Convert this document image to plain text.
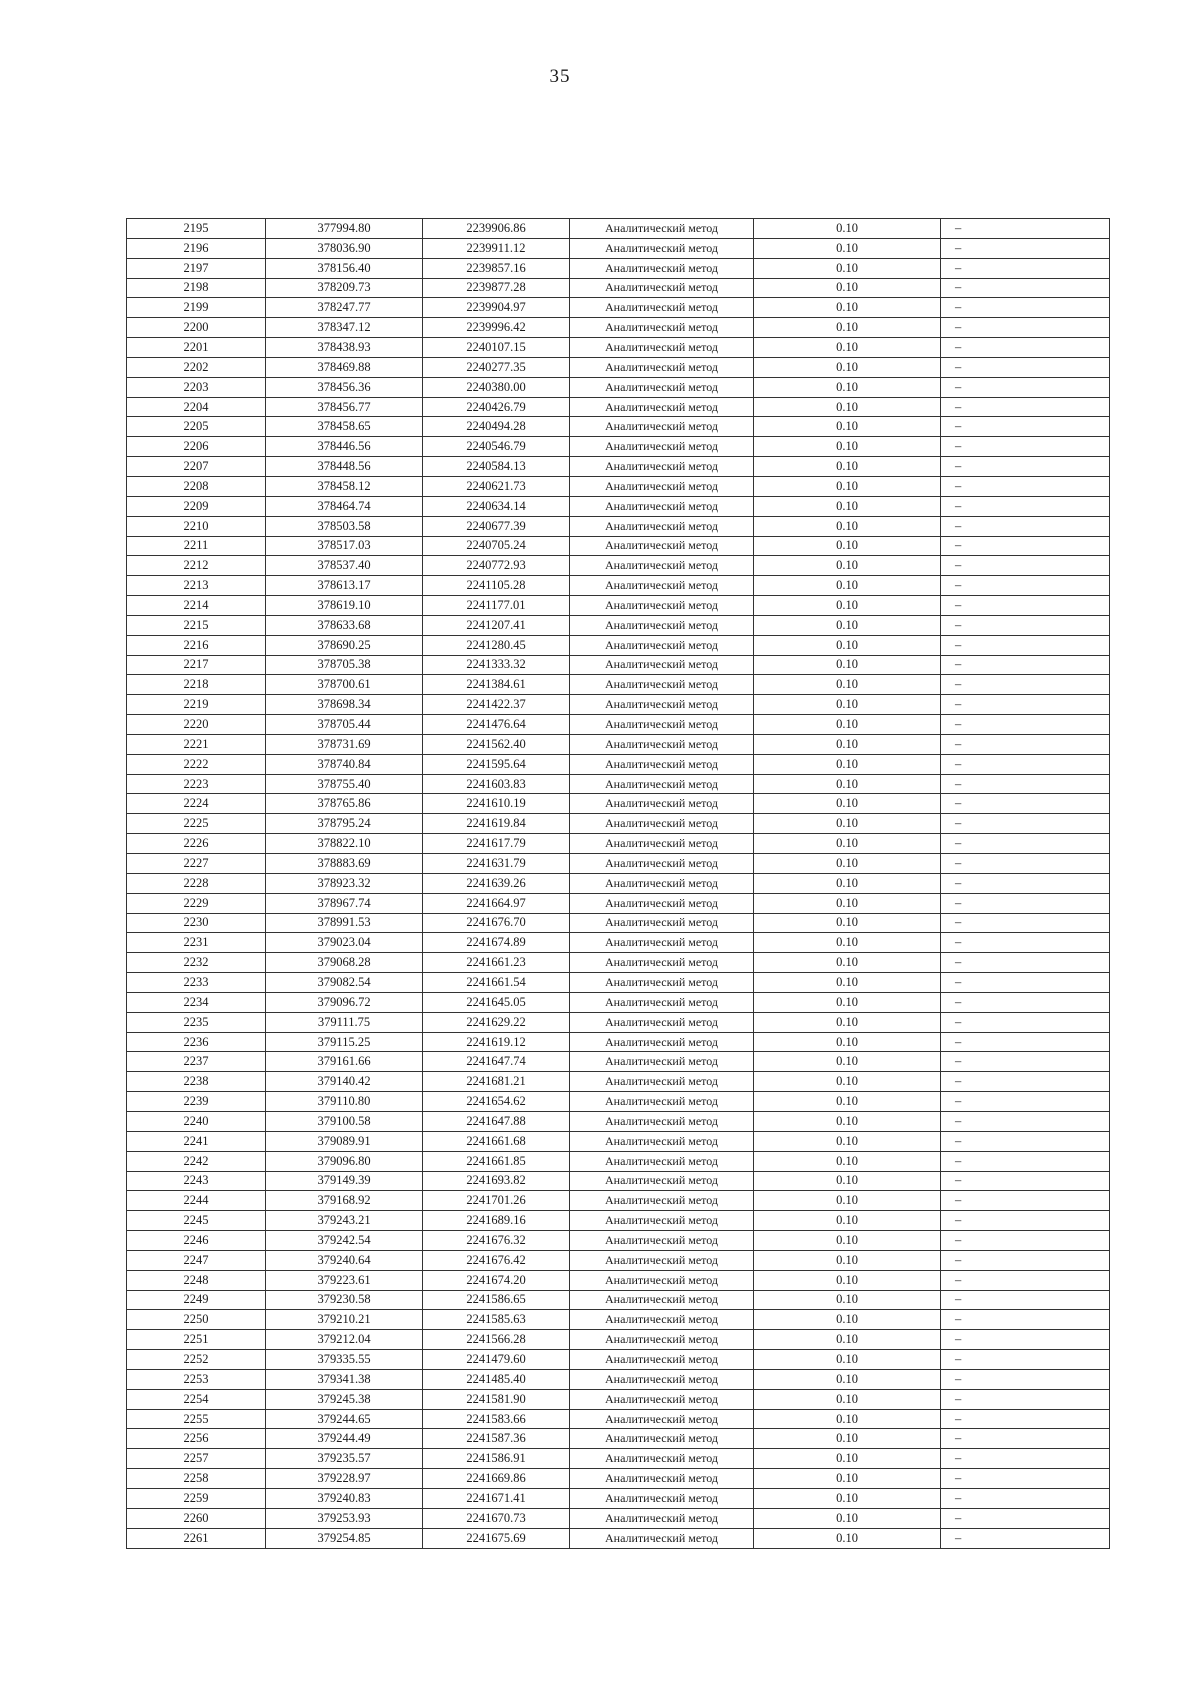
35
2195	377994.80	2239906.86	Аналитический метод	0.10	–
2196	378036.90	2239911.12	Аналитический метод	0.10	–
2197	378156.40	2239857.16	Аналитический метод	0.10	–
2198	378209.73	2239877.28	Аналитический метод	0.10	–
2199	378247.77	2239904.97	Аналитический метод	0.10	–
2200	378347.12	2239996.42	Аналитический метод	0.10	–
2201	378438.93	2240107.15	Аналитический метод	0.10	–
2202	378469.88	2240277.35	Аналитический метод	0.10	–
2203	378456.36	2240380.00	Аналитический метод	0.10	–
2204	378456.77	2240426.79	Аналитический метод	0.10	–
2205	378458.65	2240494.28	Аналитический метод	0.10	–
2206	378446.56	2240546.79	Аналитический метод	0.10	–
2207	378448.56	2240584.13	Аналитический метод	0.10	–
2208	378458.12	2240621.73	Аналитический метод	0.10	–
2209	378464.74	2240634.14	Аналитический метод	0.10	–
2210	378503.58	2240677.39	Аналитический метод	0.10	–
2211	378517.03	2240705.24	Аналитический метод	0.10	–
2212	378537.40	2240772.93	Аналитический метод	0.10	–
2213	378613.17	2241105.28	Аналитический метод	0.10	–
2214	378619.10	2241177.01	Аналитический метод	0.10	–
2215	378633.68	2241207.41	Аналитический метод	0.10	–
2216	378690.25	2241280.45	Аналитический метод	0.10	–
2217	378705.38	2241333.32	Аналитический метод	0.10	–
2218	378700.61	2241384.61	Аналитический метод	0.10	–
2219	378698.34	2241422.37	Аналитический метод	0.10	–
2220	378705.44	2241476.64	Аналитический метод	0.10	–
2221	378731.69	2241562.40	Аналитический метод	0.10	–
2222	378740.84	2241595.64	Аналитический метод	0.10	–
2223	378755.40	2241603.83	Аналитический метод	0.10	–
2224	378765.86	2241610.19	Аналитический метод	0.10	–
2225	378795.24	2241619.84	Аналитический метод	0.10	–
2226	378822.10	2241617.79	Аналитический метод	0.10	–
2227	378883.69	2241631.79	Аналитический метод	0.10	–
2228	378923.32	2241639.26	Аналитический метод	0.10	–
2229	378967.74	2241664.97	Аналитический метод	0.10	–
2230	378991.53	2241676.70	Аналитический метод	0.10	–
2231	379023.04	2241674.89	Аналитический метод	0.10	–
2232	379068.28	2241661.23	Аналитический метод	0.10	–
2233	379082.54	2241661.54	Аналитический метод	0.10	–
2234	379096.72	2241645.05	Аналитический метод	0.10	–
2235	379111.75	2241629.22	Аналитический метод	0.10	–
2236	379115.25	2241619.12	Аналитический метод	0.10	–
2237	379161.66	2241647.74	Аналитический метод	0.10	–
2238	379140.42	2241681.21	Аналитический метод	0.10	–
2239	379110.80	2241654.62	Аналитический метод	0.10	–
2240	379100.58	2241647.88	Аналитический метод	0.10	–
2241	379089.91	2241661.68	Аналитический метод	0.10	–
2242	379096.80	2241661.85	Аналитический метод	0.10	–
2243	379149.39	2241693.82	Аналитический метод	0.10	–
2244	379168.92	2241701.26	Аналитический метод	0.10	–
2245	379243.21	2241689.16	Аналитический метод	0.10	–
2246	379242.54	2241676.32	Аналитический метод	0.10	–
2247	379240.64	2241676.42	Аналитический метод	0.10	–
2248	379223.61	2241674.20	Аналитический метод	0.10	–
2249	379230.58	2241586.65	Аналитический метод	0.10	–
2250	379210.21	2241585.63	Аналитический метод	0.10	–
2251	379212.04	2241566.28	Аналитический метод	0.10	–
2252	379335.55	2241479.60	Аналитический метод	0.10	–
2253	379341.38	2241485.40	Аналитический метод	0.10	–
2254	379245.38	2241581.90	Аналитический метод	0.10	–
2255	379244.65	2241583.66	Аналитический метод	0.10	–
2256	379244.49	2241587.36	Аналитический метод	0.10	–
2257	379235.57	2241586.91	Аналитический метод	0.10	–
2258	379228.97	2241669.86	Аналитический метод	0.10	–
2259	379240.83	2241671.41	Аналитический метод	0.10	–
2260	379253.93	2241670.73	Аналитический метод	0.10	–
2261	379254.85	2241675.69	Аналитический метод	0.10	–
